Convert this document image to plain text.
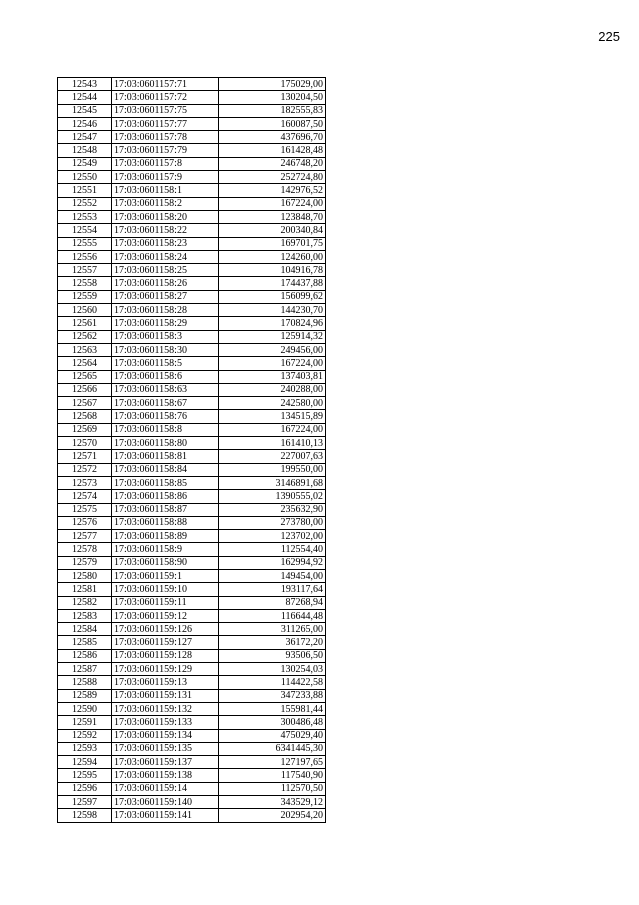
225
12543	17:03:0601157:71	175029,00
12544	17:03:0601157:72	130204,50
12545	17:03:0601157:75	182555,83
12546	17:03:0601157:77	160087,50
12547	17:03:0601157:78	437696,70
12548	17:03:0601157:79	161428,48
12549	17:03:0601157:8	246748,20
12550	17:03:0601157:9	252724,80
12551	17:03:0601158:1	142976,52
12552	17:03:0601158:2	167224,00
12553	17:03:0601158:20	123848,70
12554	17:03:0601158:22	200340,84
12555	17:03:0601158:23	169701,75
12556	17:03:0601158:24	124260,00
12557	17:03:0601158:25	104916,78
12558	17:03:0601158:26	174437,88
12559	17:03:0601158:27	156099,62
12560	17:03:0601158:28	144230,70
12561	17:03:0601158:29	170824,96
12562	17:03:0601158:3	125914,32
12563	17:03:0601158:30	249456,00
12564	17:03:0601158:5	167224,00
12565	17:03:0601158:6	137403,81
12566	17:03:0601158:63	240288,00
12567	17:03:0601158:67	242580,00
12568	17:03:0601158:76	134515,89
12569	17:03:0601158:8	167224,00
12570	17:03:0601158:80	161410,13
12571	17:03:0601158:81	227007,63
12572	17:03:0601158:84	199550,00
12573	17:03:0601158:85	3146891,68
12574	17:03:0601158:86	1390555,02
12575	17:03:0601158:87	235632,90
12576	17:03:0601158:88	273780,00
12577	17:03:0601158:89	123702,00
12578	17:03:0601158:9	112554,40
12579	17:03:0601158:90	162994,92
12580	17:03:0601159:1	149454,00
12581	17:03:0601159:10	193117,64
12582	17:03:0601159:11	87268,94
12583	17:03:0601159:12	116644,48
12584	17:03:0601159:126	311265,00
12585	17:03:0601159:127	36172,20
12586	17:03:0601159:128	93506,50
12587	17:03:0601159:129	130254,03
12588	17:03:0601159:13	114422,58
12589	17:03:0601159:131	347233,88
12590	17:03:0601159:132	155981,44
12591	17:03:0601159:133	300486,48
12592	17:03:0601159:134	475029,40
12593	17:03:0601159:135	6341445,30
12594	17:03:0601159:137	127197,65
12595	17:03:0601159:138	117540,90
12596	17:03:0601159:14	112570,50
12597	17:03:0601159:140	343529,12
12598	17:03:0601159:141	202954,20
